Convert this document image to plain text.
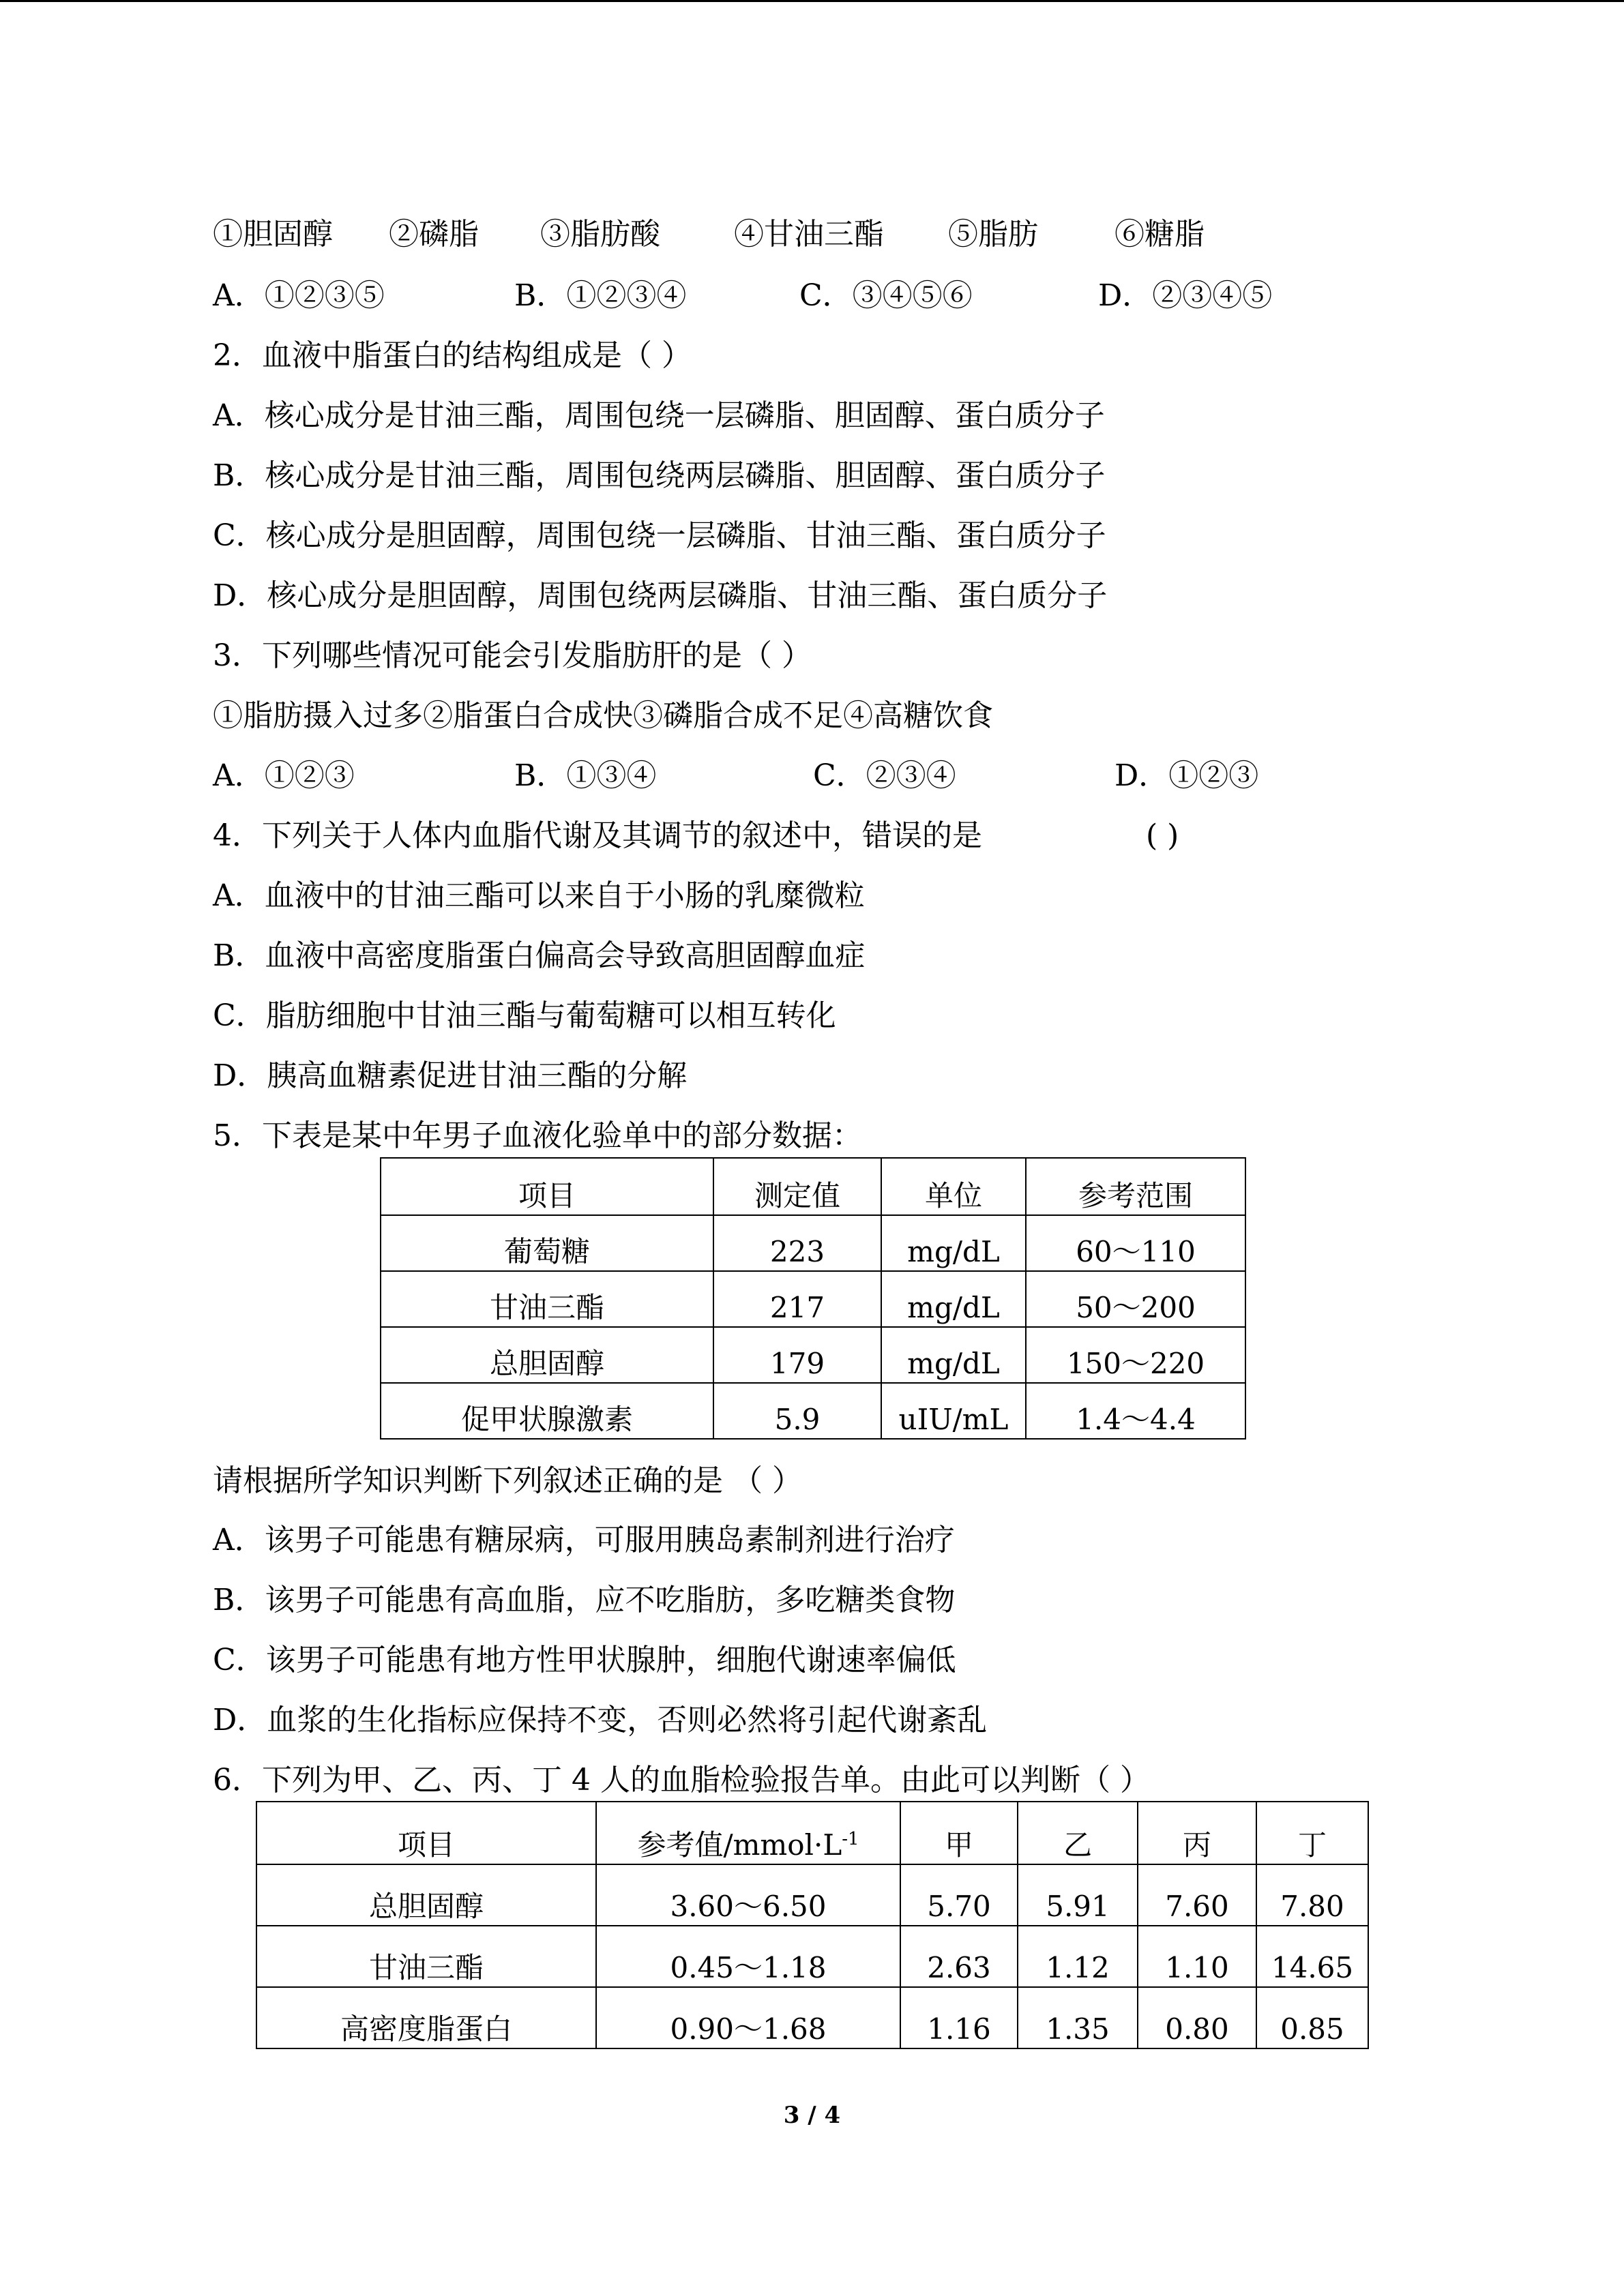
①胆固醇 ②磷脂 ③脂肪酸 ④甘油三酯 ⑤脂肪	⑥糖脂
A．①②③⑤	B．①②③④	C．③④⑤⑥	D．②③④⑤
2．血液中脂蛋白的结构组成是（ ）
A．核心成分是甘油三酯，周围包绕一层磷脂、胆固醇、蛋白质分子
B．核心成分是甘油三酯，周围包绕两层磷脂、胆固醇、蛋白质分子
C．核心成分是胆固醇，周围包绕一层磷脂、甘油三酯、蛋白质分子
D．核心成分是胆固醇，周围包绕两层磷脂、甘油三酯、蛋白质分子
3．下列哪些情况可能会引发脂肪肝的是（ ）
①脂肪摄入过多②脂蛋白合成快③磷脂合成不足④高糖饮食
A．①②③	B．①③④	C．②③④	D．①②③
4．下列关于人体内血脂代谢及其调节的叙述中，错误的是	( )
A．血液中的甘油三酯可以来自于小肠的乳糜微粒
B．血液中高密度脂蛋白偏高会导致高胆固醇血症
C．脂肪细胞中甘油三酯与葡萄糖可以相互转化
D．胰高血糖素促进甘油三酯的分解
5．下表是某中年男子血液化验单中的部分数据：
项目	测定值	单位	参考范围
葡萄糖	223	mg/dL	60～110
甘油三酯	217	mg/dL	50～200
总胆固醇	179	mg/dL	150～220
促甲状腺激素	5.9	uIU/mL	1.4～4.4
请根据所学知识判断下列叙述正确的是 （ ）
A．该男子可能患有糖尿病，可服用胰岛素制剂进行治疗
B．该男子可能患有高血脂，应不吃脂肪，多吃糖类食物
C．该男子可能患有地方性甲状腺肿，细胞代谢速率偏低
D．血浆的生化指标应保持不变，否则必然将引起代谢紊乱
6．下列为甲、乙、丙、丁 4 人的血脂检验报告单。由此可以判断（ ）
项目	参考值$/mmol\cdot L^{-1}$	甲	乙	丙	丁
总胆固醇	3.60～6.50	5.70	5.91	7.60	7.80
甘油三酯	0.45～1.18	2.63	1.12	1.10	14.65
高密度脂蛋白	0.90～1.68	1.16	1.35	0.80	0.85
3 / 4
